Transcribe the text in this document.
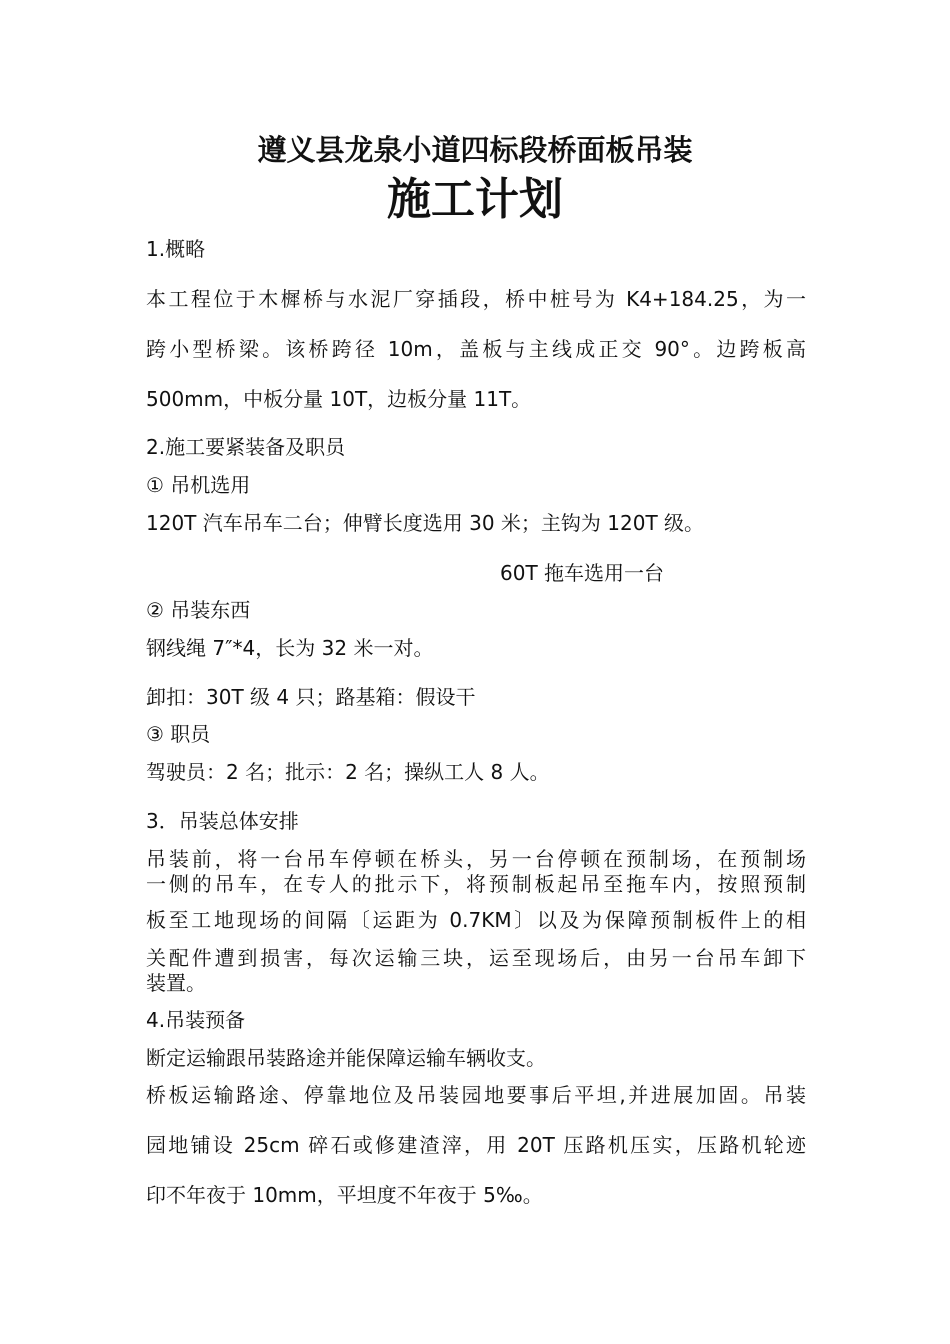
遵义县龙泉小道四标段桥面板吊装
施工计划
1.概略
本工程位于木樨桥与水泥厂穿插段，桥中桩号为 K4+184.25，为一
跨小型桥梁。该桥跨径 10m，盖板与主线成正交 90°。边跨板高
500mm，中板分量 10T，边板分量 11T。
2.施工要紧装备及职员
① 吊机选用
120T 汽车吊车二台；伸臂长度选用 30 米；主钩为 120T 级。
60T 拖车选用一台
② 吊装东西
钢线绳 7″*4，长为 32 米一对。
卸扣：30T 级 4 只；路基箱：假设干
③ 职员
驾驶员：2 名；批示：2 名；操纵工人 8 人。
3．吊装总体安排
吊装前，将一台吊车停顿在桥头，另一台停顿在预制场，在预制场
一侧的吊车，在专人的批示下，将预制板起吊至拖车内，按照预制
板至工地现场的间隔〔运距为 0.7KM〕以及为保障预制板件上的相
关配件遭到损害，每次运输三块，运至现场后，由另一台吊车卸下
装置。
4.吊装预备
断定运输跟吊装路途并能保障运输车辆收支。
桥板运输路途、停靠地位及吊装园地要事后平坦,并进展加固。吊装
园地铺设 25cm 碎石或修建渣滓，用 20T 压路机压实，压路机轮迹
印不年夜于 10mm，平坦度不年夜于 5‰。
